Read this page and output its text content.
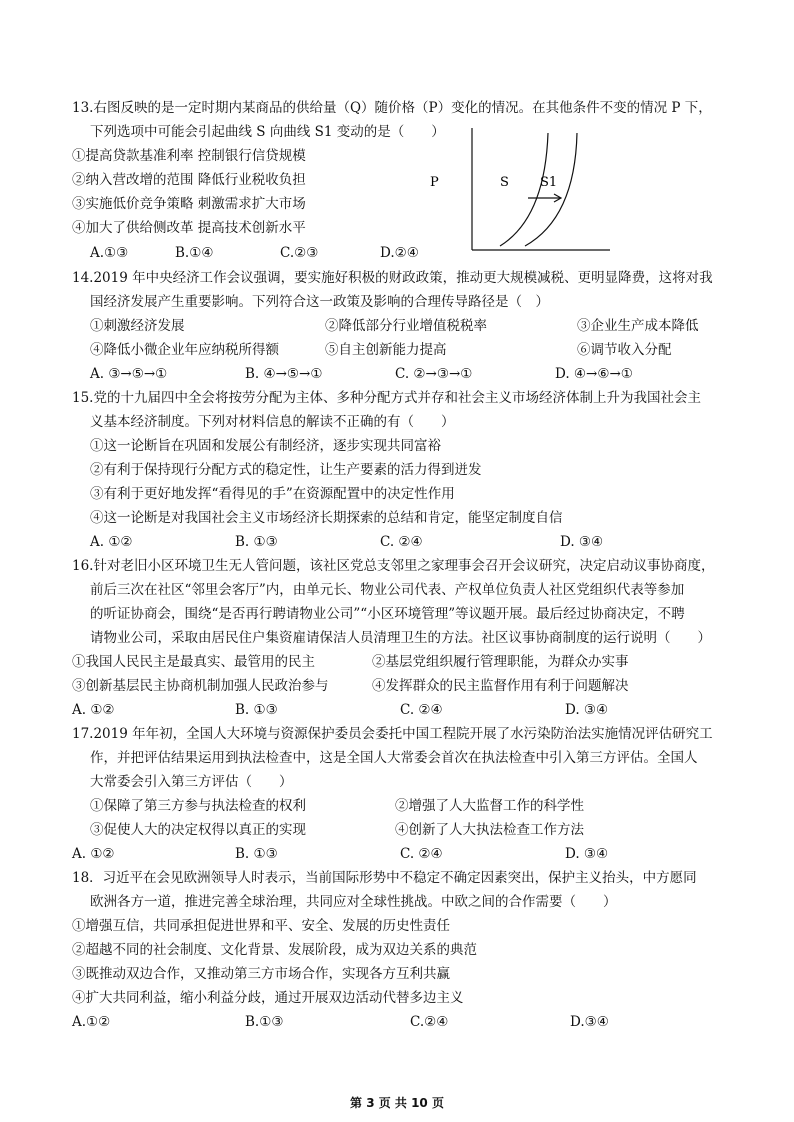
13.右图反映的是一定时期内某商品的供给量（Q）随价格（P）变化的情况。在其他条件不变的情况 P 下，
下列选项中可能会引起曲线 S 向曲线 S1 变动的是（　　）
①提高贷款基准利率 控制银行信贷规模
②纳入营改增的范围 降低行业税收负担
③实施低价竞争策略 刺激需求扩大市场
④加大了供给侧改革 提高技术创新水平
A.①③	B.①④	C.②③	D.②④
P	S S1
14.2019 年中央经济工作会议强调，要实施好积极的财政政策，推动更大规模减税、更明显降费，这将对我
国经济发展产生重要影响。下列符合这一政策及影响的合理传导路径是（　）
①刺激经济发展	②降低部分行业增值税税率	③企业生产成本降低
④降低小微企业年应纳税所得额	⑤自主创新能力提高	⑥调节收入分配
A. ③→⑤→①	B. ④→⑤→①	C. ②→③→①	D. ④→⑥→①
15.党的十九届四中全会将按劳分配为主体、多种分配方式并存和社会主义市场经济体制上升为我国社会主
义基本经济制度。下列对材料信息的解读不正确的有（　　）
①这一论断旨在巩固和发展公有制经济，逐步实现共同富裕
②有利于保持现行分配方式的稳定性，让生产要素的活力得到迸发
③有利于更好地发挥“看得见的手”在资源配置中的决定性作用
④这一论断是对我国社会主义市场经济长期探索的总结和肯定，能坚定制度自信
A. ①②	B. ①③	C. ②④	D. ③④
16.针对老旧小区环境卫生无人管问题，该社区党总支邻里之家理事会召开会议研究，决定启动议事协商度，
前后三次在社区“邻里会客厅”内，由单元长、物业公司代表、产权单位负责人社区党组织代表等参加
的听证协商会，围绕“是否再行聘请物业公司”“小区环境管理”等议题开展。最后经过协商决定，不聘
请物业公司，采取由居民住户集资雇请保洁人员清理卫生的方法。社区议事协商制度的运行说明（　　）
①我国人民民主是最真实、最管用的民主	②基层党组织履行管理职能，为群众办实事
③创新基层民主协商机制加强人民政治参与	④发挥群众的民主监督作用有利于问题解决
A. ①②	B. ①③	C. ②④	D. ③④
17.2019 年年初，全国人大环境与资源保护委员会委托中国工程院开展了水污染防治法实施情况评估研究工
作，并把评估结果运用到执法检查中，这是全国人大常委会首次在执法检查中引入第三方评估。全国人
大常委会引入第三方评估（　　）
①保障了第三方参与执法检查的权利	②增强了人大监督工作的科学性
③促使人大的决定权得以真正的实现	④创新了人大执法检查工作方法
A. ①②	B. ①③	C. ②④	D. ③④
18．习近平在会见欧洲领导人时表示，当前国际形势中不稳定不确定因素突出，保护主义抬头，中方愿同
欧洲各方一道，推进完善全球治理，共同应对全球性挑战。中欧之间的合作需要（　　）
①增强互信，共同承担促进世界和平、安全、发展的历史性责任
②超越不同的社会制度、文化背景、发展阶段，成为双边关系的典范
③既推动双边合作，又推动第三方市场合作，实现各方互利共赢
④扩大共同利益，缩小利益分歧，通过开展双边活动代替多边主义
A.①②	B.①③	C.②④	D.③④
第 3 页 共 10 页
